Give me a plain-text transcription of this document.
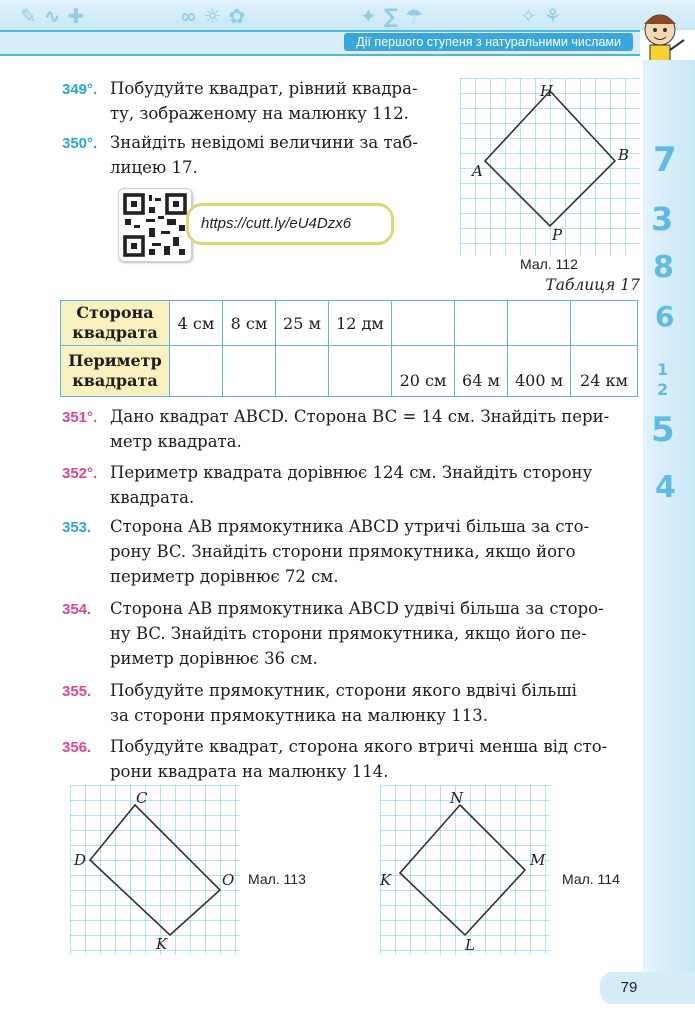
✎ ∿ ✚	∞ ☼ ✿	✦ ∑ ☂	✧ ⚘
Дії першого ступеня з натуральними числами
7
3
8
6
1
2
5
4
349°. Побудуйте квадрат, рівний квадра-
ту, зображеному на малюнку 112.
350°. Знайдіть невідомі величини за таб-
лицею 17.
https://cutt.ly/eU4Dzx6
H
A
B
P
Мал. 112
Таблиця 17
Сторона квадрата	4 см	8 см	25 м	12 дм				
Периметр квадрата					20 см	64 м	400 м	24 км
351°. Дано квадрат ABCD. Сторона BC = 14 см. Знайдіть пери-
метр квадрата.
352°. Периметр квадрата дорівнює 124 см. Знайдіть сторону
квадрата.
353. Сторона AB прямокутника ABCD утричі більша за сто-
рону BC. Знайдіть сторони прямокутника, якщо його
периметр дорівнює 72 см.
354. Сторона AB прямокутника ABCD удвічі більша за сторо-
ну BC. Знайдіть сторони прямокутника, якщо його пе-
риметр дорівнює 36 см.
355. Побудуйте прямокутник, сторони якого вдвічі більші
за сторони прямокутника на малюнку 113.
356. Побудуйте квадрат, сторона якого втричі менша від сто-
рони квадрата на малюнку 114.
C
D
O
K
Мал. 113
N
K
M
L
Мал. 114
79
